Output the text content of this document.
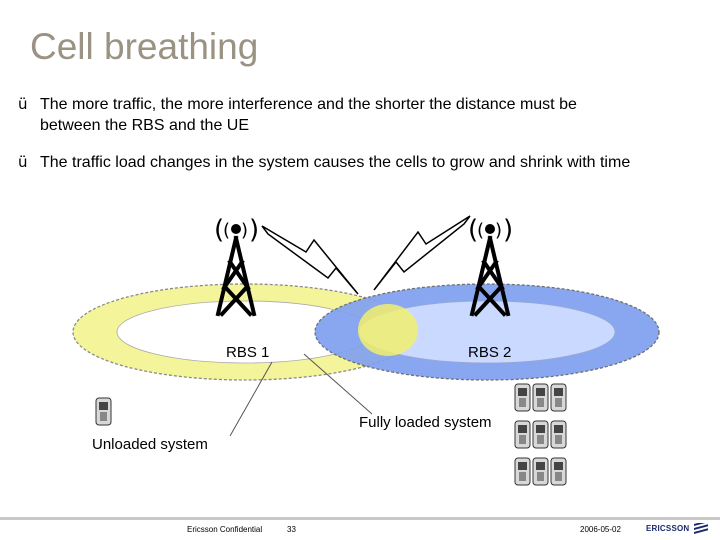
Cell breathing
ü The more traffic, the more interference and the shorter the distance must be
between the RBS and the UE
ü The traffic load changes in the system causes the cells to grow and shrink with time
(
( ) )	(
( ) )
RBS 1	RBS 2
Unloaded system
Fully loaded system
Ericsson Confidential	33	2006-05-02	ERICSSON
